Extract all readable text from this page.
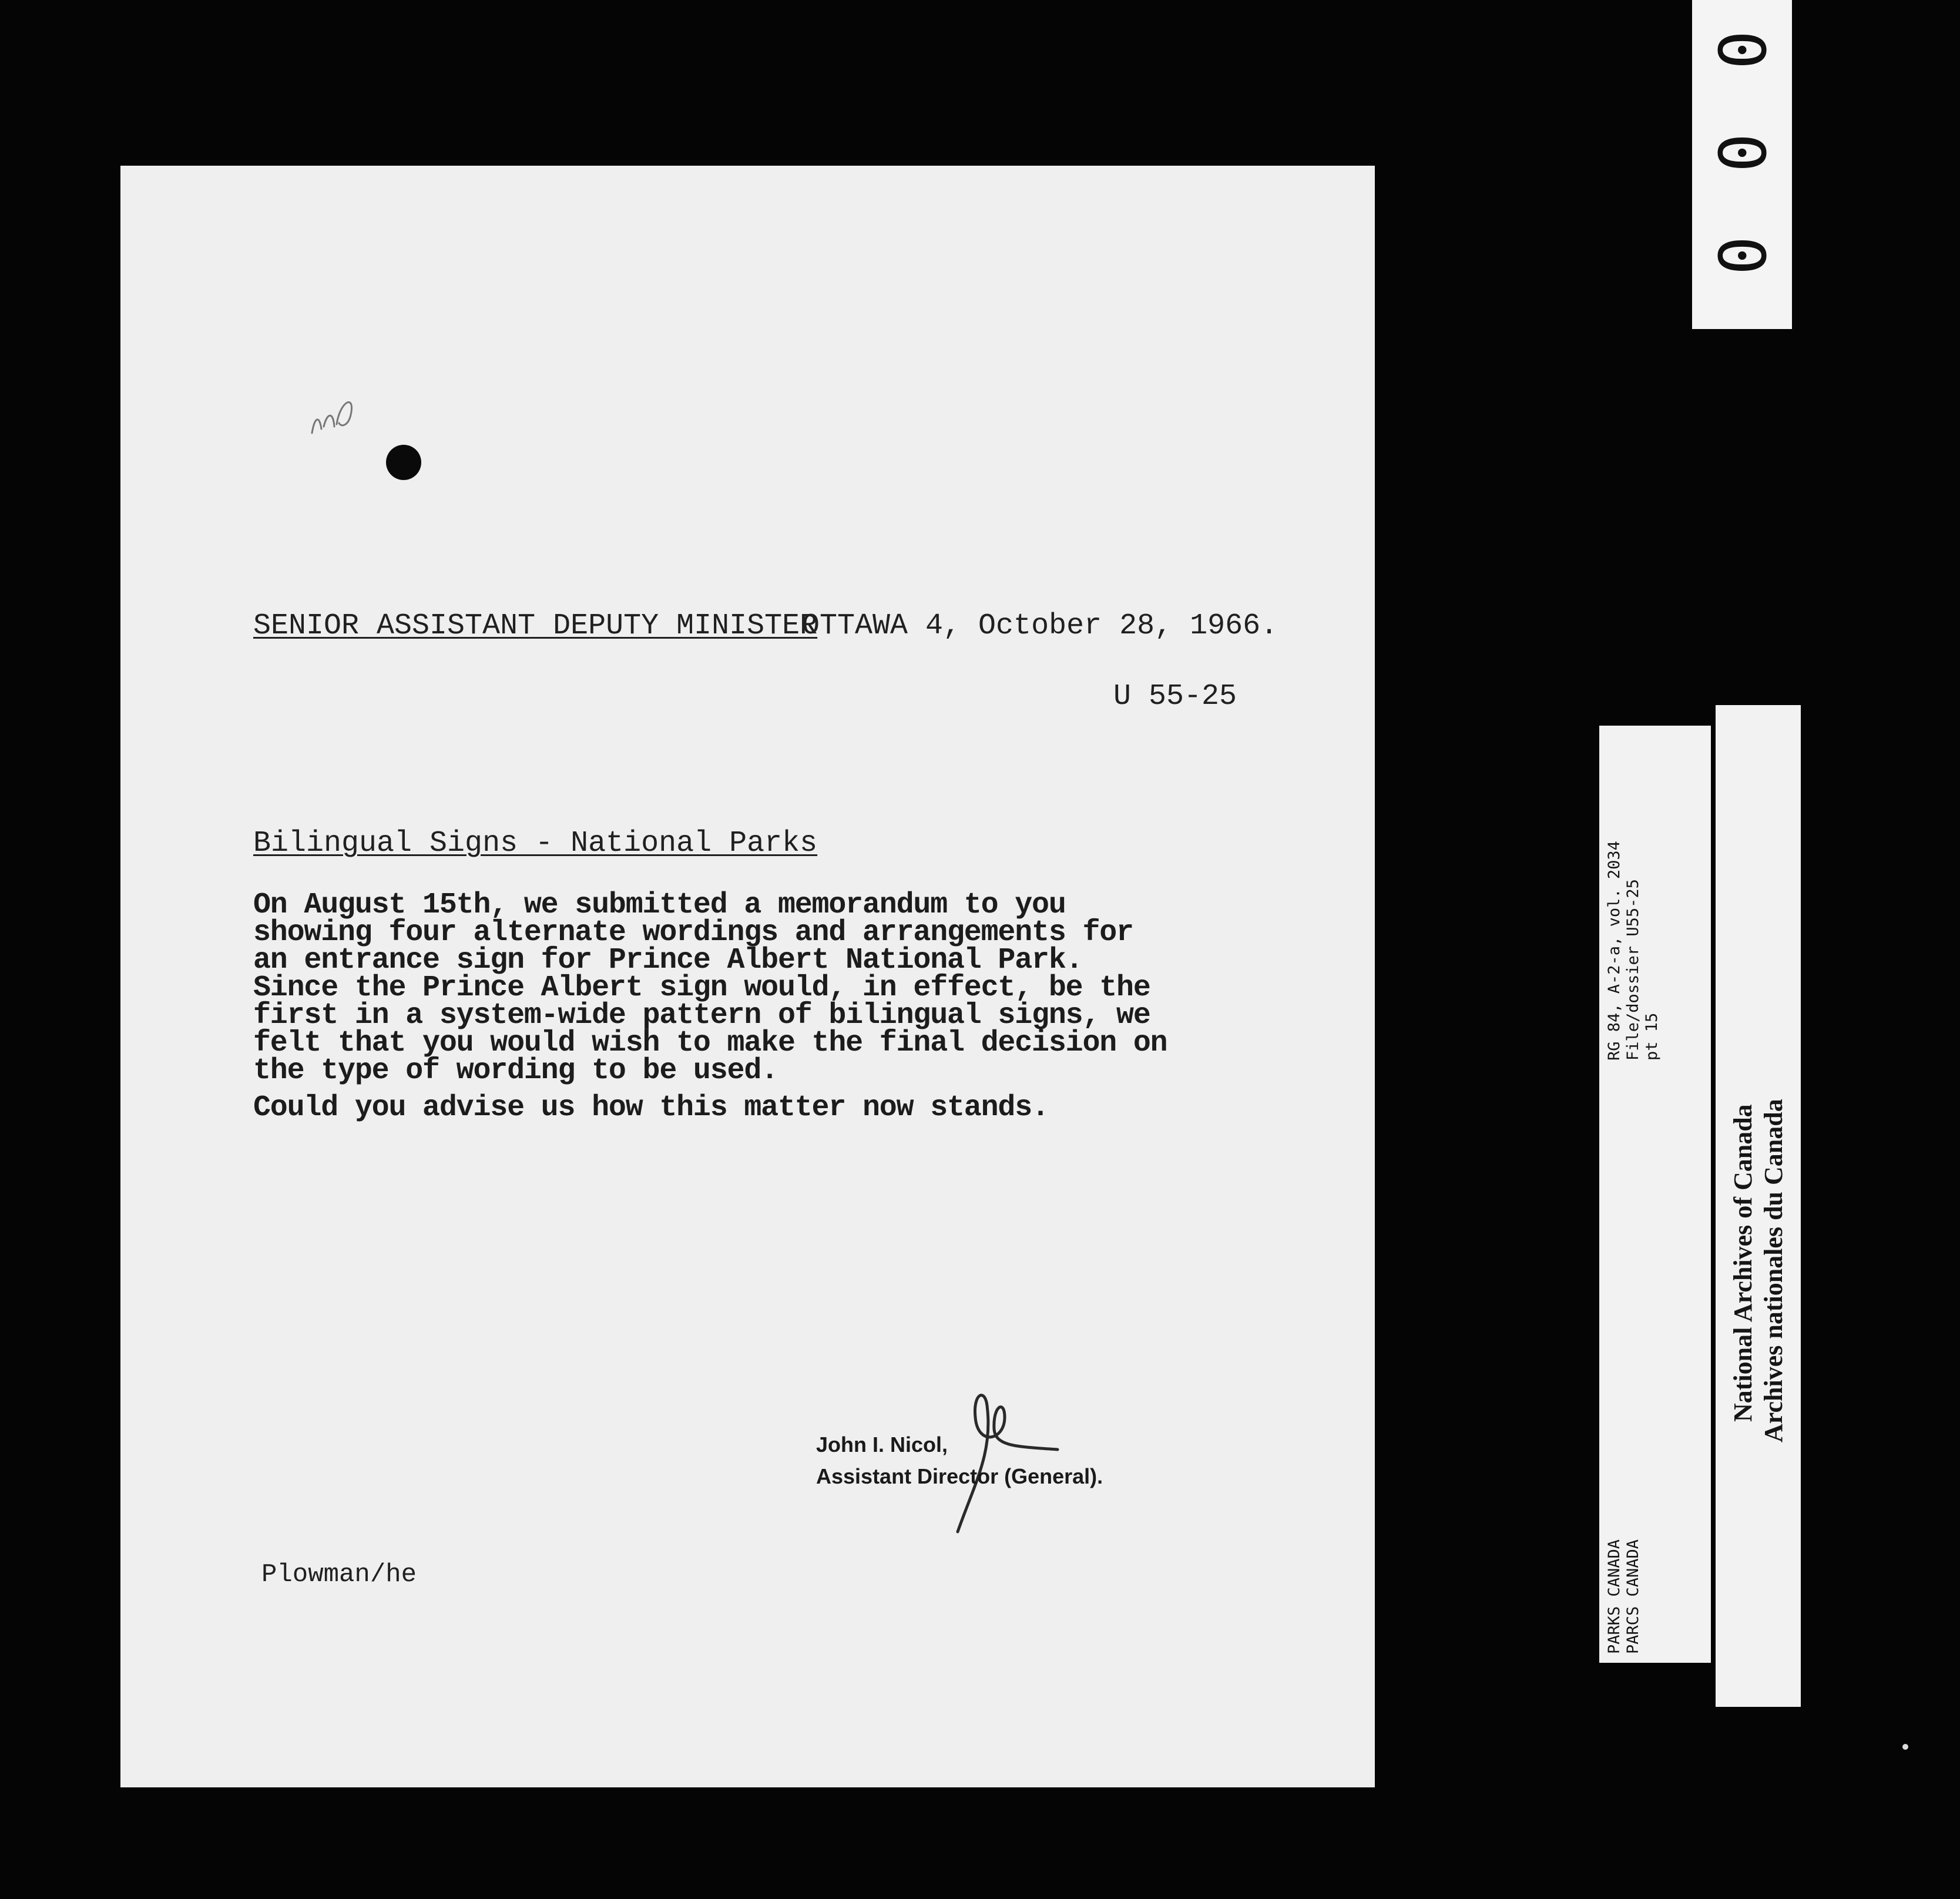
SENIOR ASSISTANT DEPUTY MINISTER
OTTAWA 4, October 28, 1966.
U 55-25
Bilingual Signs - National Parks
On August 15th, we submitted a memorandum to you showing four alternate wordings and arrangements for an entrance sign for Prince Albert National Park. Since the Prince Albert sign would, in effect, be the first in a system-wide pattern of bilingual signs, we felt that you would wish to make the final decision on the type of wording to be used.
Could you advise us how this matter now stands.
John I. Nicol,
Assistant Director (General).
Plowman/he
0
0
0
PARKS CANADA PARCS CANADA
RG 84, A-2-a, vol. 2034 File/dossier U55-25 pt 15
National Archives of Canada Archives nationales du Canada
